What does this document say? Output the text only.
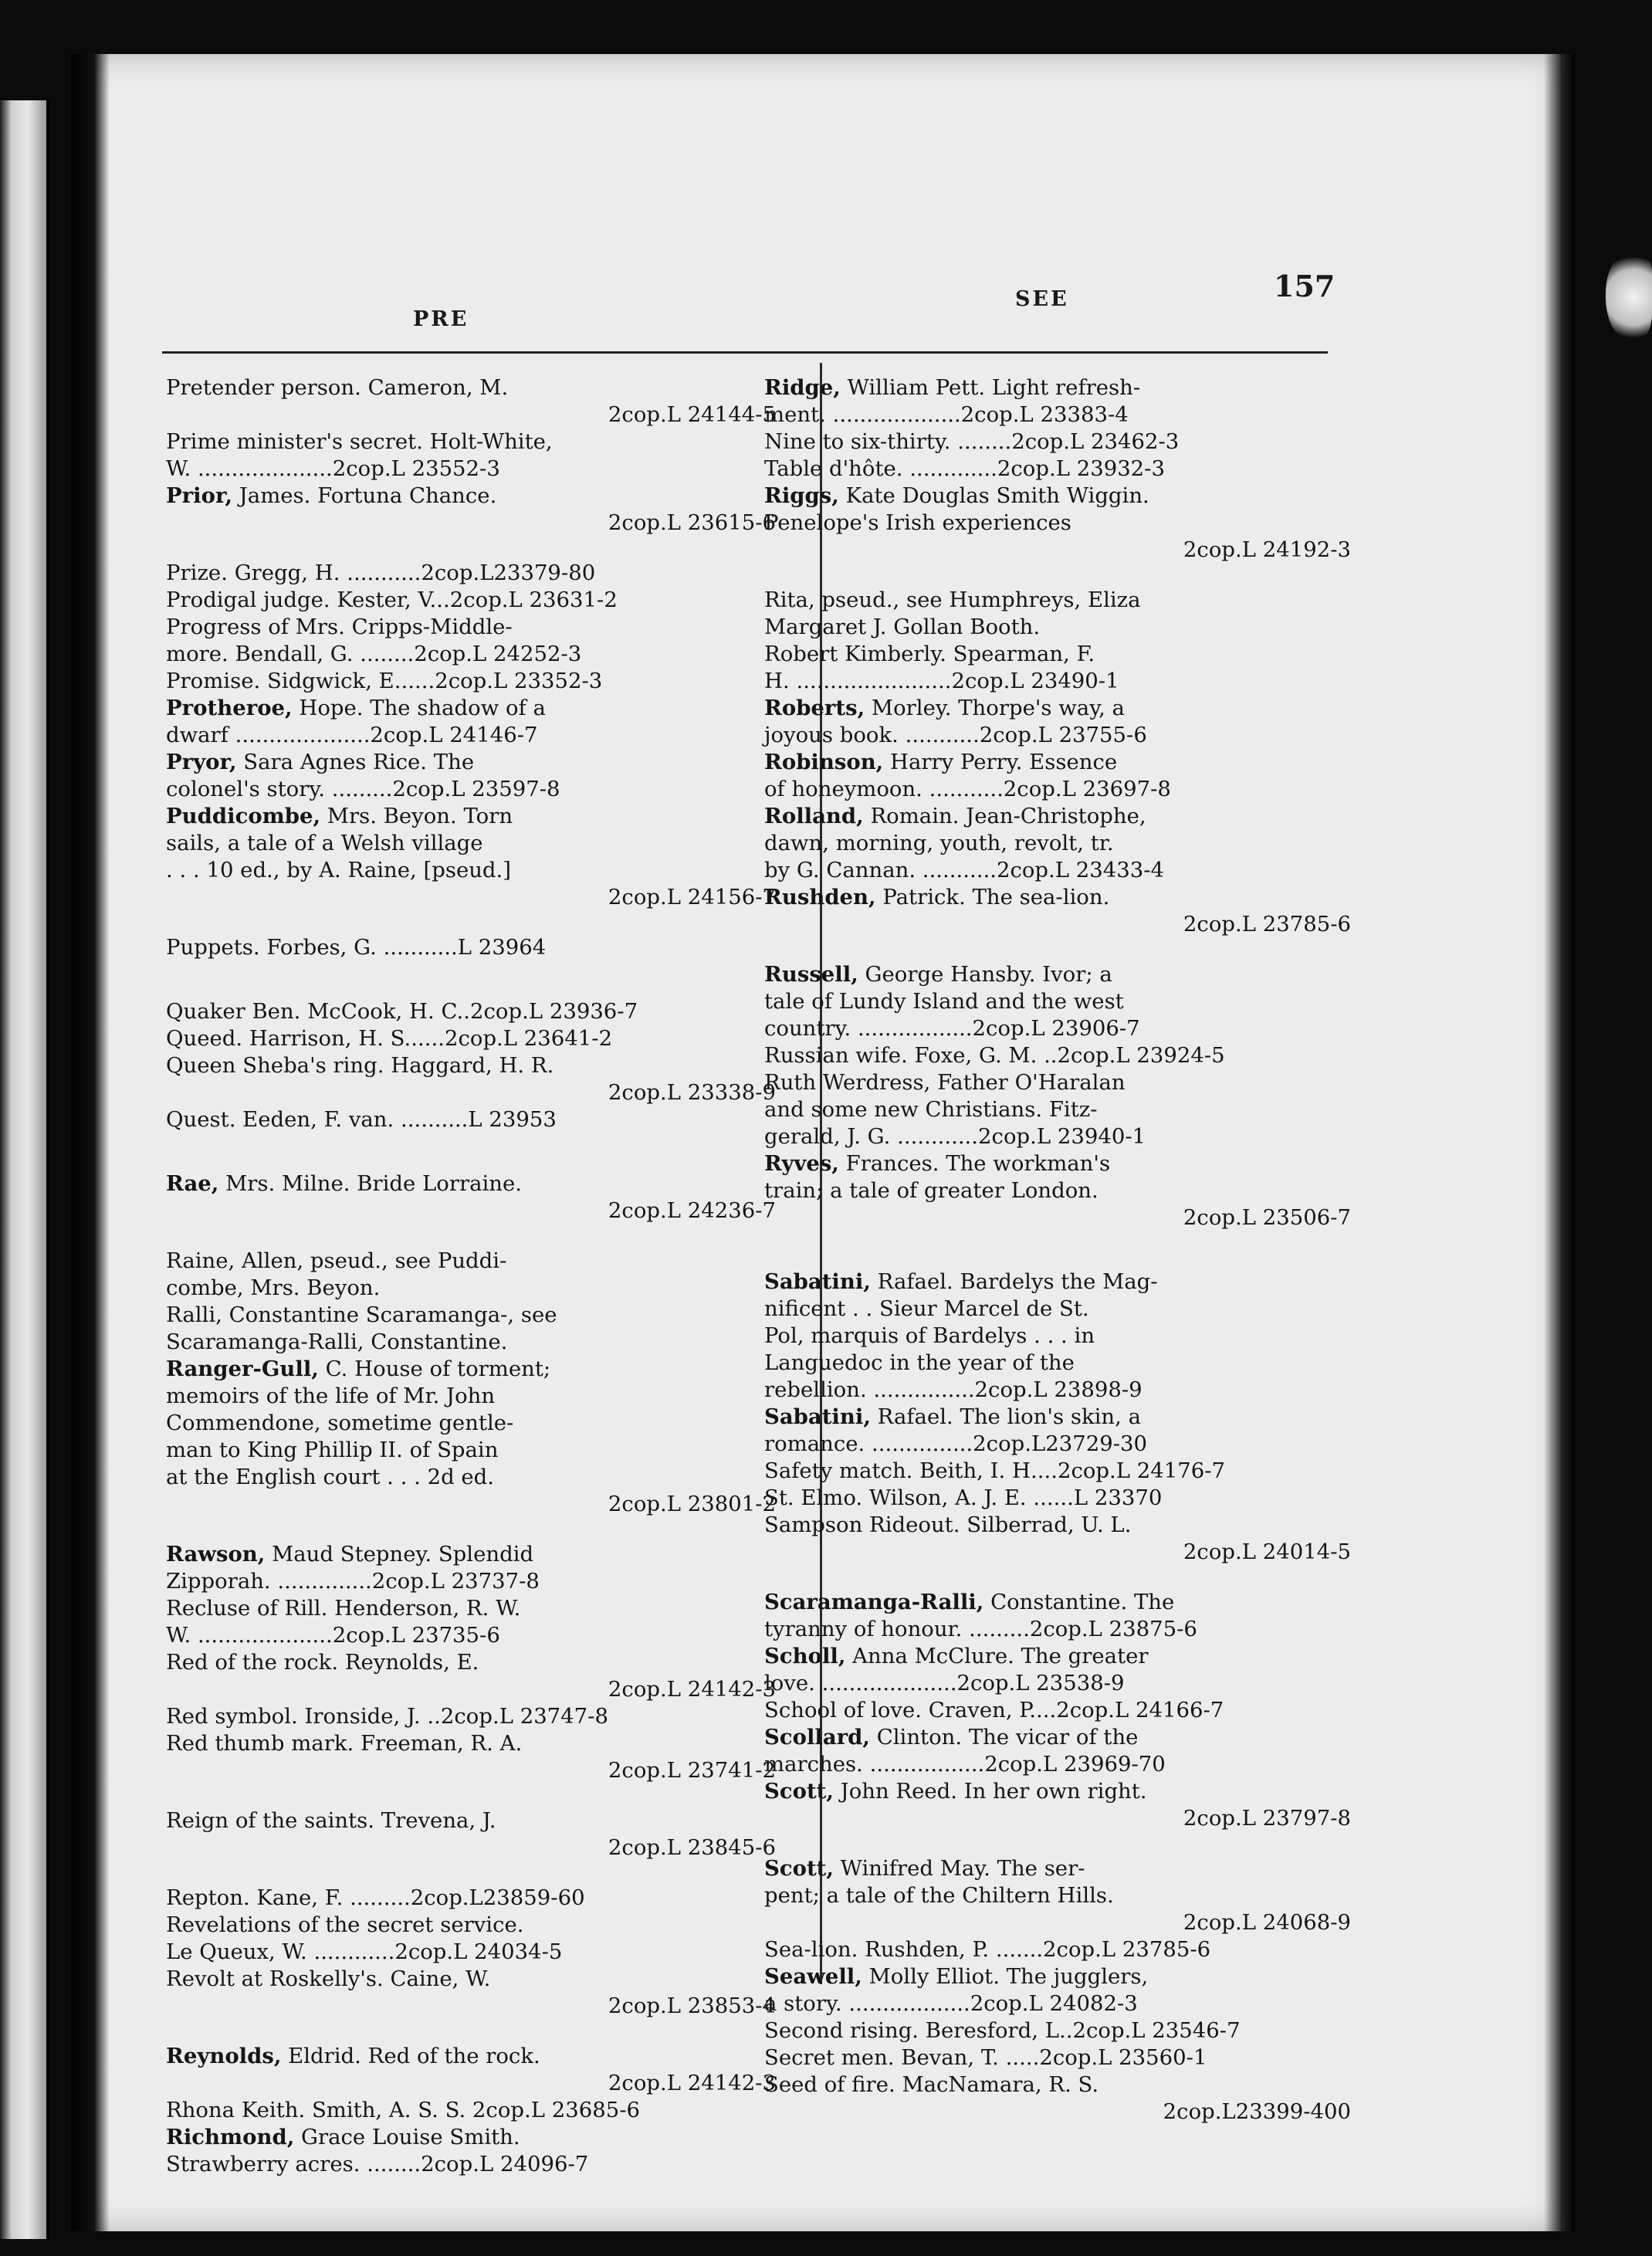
PRE
SEE	157
Pretender person. Cameron, M.
2cop.L 24144-5
Prime minister's secret. Holt-White,
W. ....................2cop.L 23552-3
Prior, James. Fortuna Chance.
2cop.L 23615-6
Prize. Gregg, H. ...........2cop.L23379-80
Prodigal judge. Kester, V...2cop.L 23631-2
Progress of Mrs. Cripps-Middle-
more. Bendall, G. ........2cop.L 24252-3
Promise. Sidgwick, E......2cop.L 23352-3
Protheroe, Hope. The shadow of a
dwarf ....................2cop.L 24146-7
Pryor, Sara Agnes Rice. The
colonel's story. .........2cop.L 23597-8
Puddicombe, Mrs. Beyon. Torn
sails, a tale of a Welsh village
. . . 10 ed., by A. Raine, [pseud.]
2cop.L 24156-7
Puppets. Forbes, G. ...........L 23964
Quaker Ben. McCook, H. C..2cop.L 23936-7
Queed. Harrison, H. S......2cop.L 23641-2
Queen Sheba's ring. Haggard, H. R.
2cop.L 23338-9
Quest. Eeden, F. van. ..........L 23953
Rae, Mrs. Milne. Bride Lorraine.
2cop.L 24236-7
Raine, Allen, pseud., see Puddi-
combe, Mrs. Beyon.
Ralli, Constantine Scaramanga-, see
Scaramanga-Ralli, Constantine.
Ranger-Gull, C. House of torment;
memoirs of the life of Mr. John
Commendone, sometime gentle-
man to King Phillip II. of Spain
at the English court . . . 2d ed.
2cop.L 23801-2
Rawson, Maud Stepney. Splendid
Zipporah. ..............2cop.L 23737-8
Recluse of Rill. Henderson, R. W.
W. ....................2cop.L 23735-6
Red of the rock. Reynolds, E.
2cop.L 24142-3
Red symbol. Ironside, J. ..2cop.L 23747-8
Red thumb mark. Freeman, R. A.
2cop.L 23741-2
Reign of the saints. Trevena, J.
2cop.L 23845-6
Repton. Kane, F. .........2cop.L23859-60
Revelations of the secret service.
Le Queux, W. ............2cop.L 24034-5
Revolt at Roskelly's. Caine, W.
2cop.L 23853-4
Reynolds, Eldrid. Red of the rock.
2cop.L 24142-3
Rhona Keith. Smith, A. S. S. 2cop.L 23685-6
Richmond, Grace Louise Smith.
Strawberry acres. ........2cop.L 24096-7
Ridge, William Pett. Light refresh-
ment. ...................2cop.L 23383-4
Nine to six-thirty. ........2cop.L 23462-3
Table d'hôte. .............2cop.L 23932-3
Riggs, Kate Douglas Smith Wiggin.
Penelope's Irish experiences
2cop.L 24192-3
Rita, pseud., see Humphreys, Eliza
Margaret J. Gollan Booth.
Robert Kimberly. Spearman, F.
H. .......................2cop.L 23490-1
Roberts, Morley. Thorpe's way, a
joyous book. ...........2cop.L 23755-6
Robinson, Harry Perry. Essence
of honeymoon. ...........2cop.L 23697-8
Rolland, Romain. Jean-Christophe,
dawn, morning, youth, revolt, tr.
by G. Cannan. ...........2cop.L 23433-4
Rushden, Patrick. The sea-lion.
2cop.L 23785-6
Russell, George Hansby. Ivor; a
tale of Lundy Island and the west
country. .................2cop.L 23906-7
Russian wife. Foxe, G. M. ..2cop.L 23924-5
Ruth Werdress, Father O'Haralan
and some new Christians. Fitz-
gerald, J. G. ............2cop.L 23940-1
Ryves, Frances. The workman's
train; a tale of greater London.
2cop.L 23506-7
Sabatini, Rafael. Bardelys the Mag-
nificent . . Sieur Marcel de St.
Pol, marquis of Bardelys . . . in
Languedoc in the year of the
rebellion. ...............2cop.L 23898-9
Sabatini, Rafael. The lion's skin, a
romance. ...............2cop.L23729-30
Safety match. Beith, I. H....2cop.L 24176-7
St. Elmo. Wilson, A. J. E. ......L 23370
Sampson Rideout. Silberrad, U. L.
2cop.L 24014-5
Scaramanga-Ralli, Constantine. The
tyranny of honour. .........2cop.L 23875-6
Scholl, Anna McClure. The greater
love. ....................2cop.L 23538-9
School of love. Craven, P....2cop.L 24166-7
Scollard, Clinton. The vicar of the
marches. .................2cop.L 23969-70
Scott, John Reed. In her own right.
2cop.L 23797-8
Scott, Winifred May. The ser-
pent; a tale of the Chiltern Hills.
2cop.L 24068-9
Sea-lion. Rushden, P. .......2cop.L 23785-6
Seawell, Molly Elliot. The jugglers,
a story. ..................2cop.L 24082-3
Second rising. Beresford, L..2cop.L 23546-7
Secret men. Bevan, T. .....2cop.L 23560-1
Seed of fire. MacNamara, R. S.
2cop.L23399-400
